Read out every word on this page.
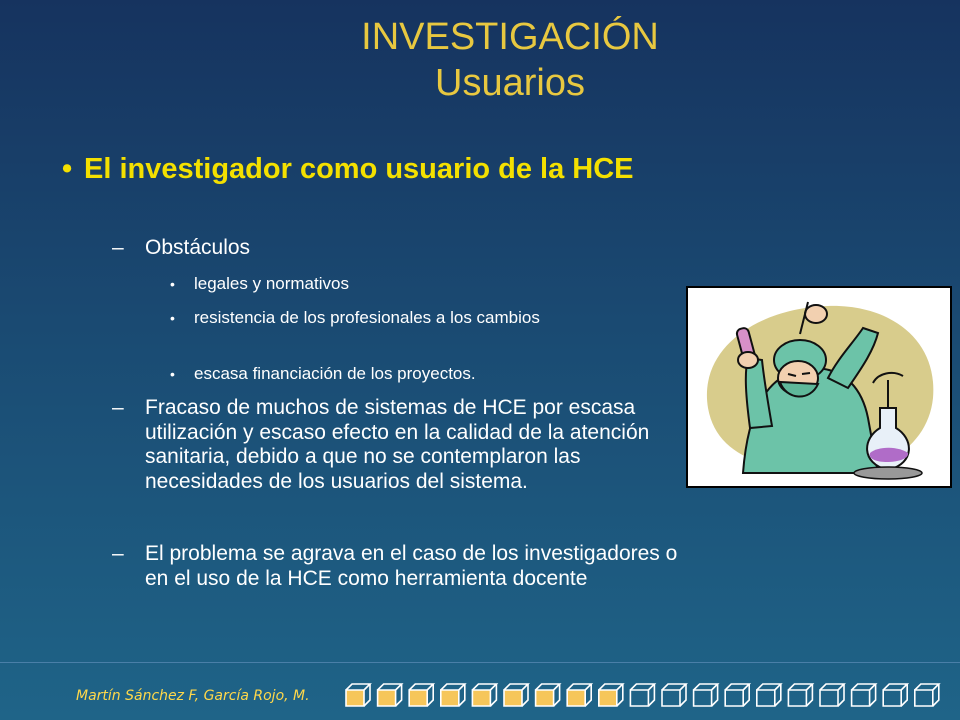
INVESTIGACIÓN
Usuarios
• El investigador como usuario de la HCE
– Obstáculos
• legales y normativos
• resistencia de los profesionales a los cambios
• escasa financiación de los proyectos.
– Fracaso de muchos de sistemas de HCE por escasa utilización y escaso efecto en la calidad de la atención sanitaria, debido a que no se contemplaron las necesidades de los usuarios del sistema.
– El problema se agrava en el caso de los investigadores o en el uso de la HCE como herramienta docente
Martín Sánchez F, García Rojo, M.
